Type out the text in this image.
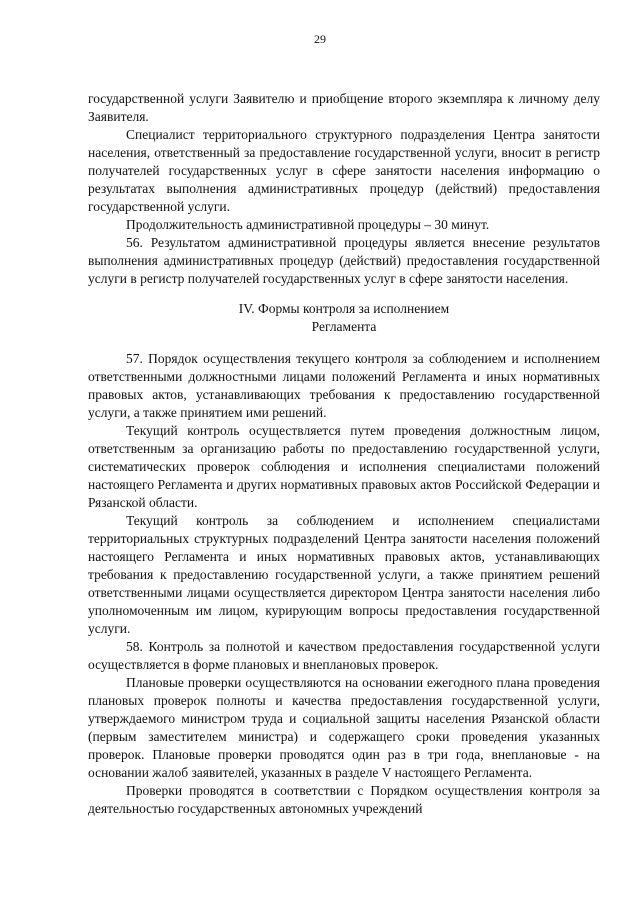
29

государственной услуги Заявителю и приобщение второго экземпляра к личному делу Заявителя.

Специалист территориального структурного подразделения Центра занятости населения, ответственный за предоставление государственной услуги, вносит в регистр получателей государственных услуг в сфере занятости населения информацию о результатах выполнения административных процедур (действий) предоставления государственной услуги.

Продолжительность административной процедуры – 30 минут.

56. Результатом административной процедуры является внесение результатов выполнения административных процедур (действий) предоставления государственной услуги в регистр получателей государственных услуг в сфере занятости населения.

IV. Формы контроля за исполнением
Регламента

57. Порядок осуществления текущего контроля за соблюдением и исполнением ответственными должностными лицами положений Регламента и иных нормативных правовых актов, устанавливающих требования к предоставлению государственной услуги, а также принятием ими решений.

Текущий контроль осуществляется путем проведения должностным лицом, ответственным за организацию работы по предоставлению государственной услуги, систематических проверок соблюдения и исполнения специалистами положений настоящего Регламента и других нормативных правовых актов Российской Федерации и Рязанской области.

Текущий контроль за соблюдением и исполнением специалистами территориальных структурных подразделений Центра занятости населения положений настоящего Регламента и иных нормативных правовых актов, устанавливающих требования к предоставлению государственной услуги, а также принятием решений ответственными лицами осуществляется директором Центра занятости населения либо уполномоченным им лицом, курирующим вопросы предоставления государственной услуги.

58. Контроль за полнотой и качеством предоставления государственной услуги осуществляется в форме плановых и внеплановых проверок.

Плановые проверки осуществляются на основании ежегодного плана проведения плановых проверок полноты и качества предоставления государственной услуги, утверждаемого министром труда и социальной защиты населения Рязанской области (первым заместителем министра) и содержащего сроки проведения указанных проверок. Плановые проверки проводятся один раз в три года, внеплановые - на основании жалоб заявителей, указанных в разделе V настоящего Регламента.

Проверки проводятся в соответствии с Порядком осуществления контроля за деятельностью государственных автономных учреждений
